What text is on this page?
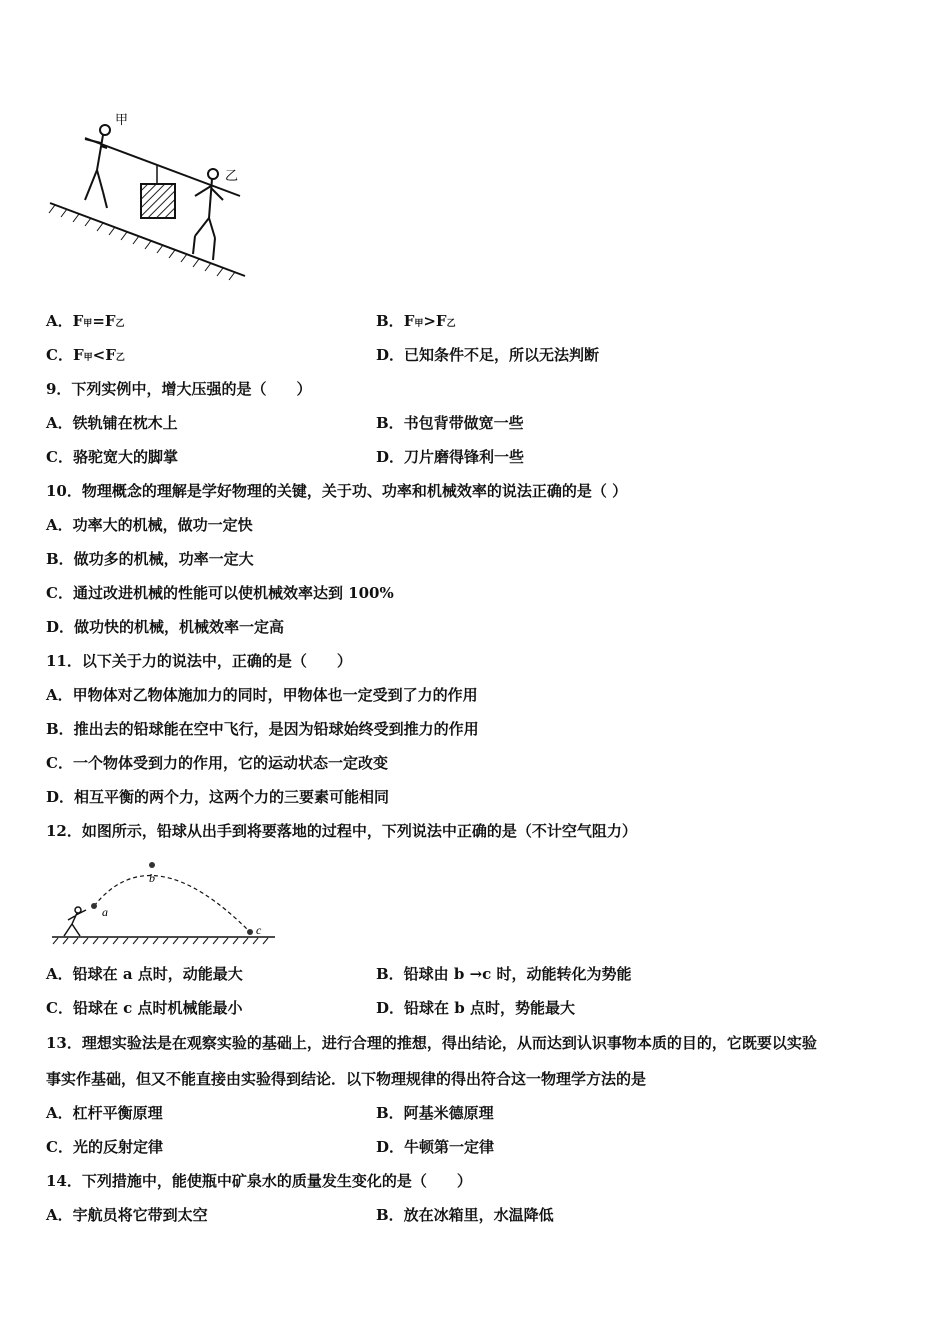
甲
乙
A．F甲=F乙	B．F甲>F乙
C．F甲<F乙	D．已知条件不足，所以无法判断
9．下列实例中，增大压强的是（　　）
A．铁轨铺在枕木上	B．书包背带做宽一些
C．骆驼宽大的脚掌	D．刀片磨得锋利一些
10．物理概念的理解是学好物理的关键，关于功、功率和机械效率的说法正确的是（ ）
A．功率大的机械，做功一定快
B．做功多的机械，功率一定大
C．通过改进机械的性能可以使机械效率达到 100%
D．做功快的机械，机械效率一定高
11．以下关于力的说法中，正确的是（　　）
A．甲物体对乙物体施加力的同时，甲物体也一定受到了力的作用
B．推出去的铅球能在空中飞行，是因为铅球始终受到推力的作用
C．一个物体受到力的作用，它的运动状态一定改变
D．相互平衡的两个力，这两个力的三要素可能相同
12．如图所示，铅球从出手到将要落地的过程中，下列说法中正确的是（不计空气阻力）
a
b
c
A．铅球在 a 点时，动能最大	B．铅球由 b →c 时，动能转化为势能
C．铅球在 c 点时机械能最小	D．铅球在 b 点时，势能最大
13．理想实验法是在观察实验的基础上，进行合理的推想，得出结论，从而达到认识事物本质的目的，它既要以实验
事实作基础，但又不能直接由实验得到结论．以下物理规律的得出符合这一物理学方法的是
A．杠杆平衡原理	B．阿基米德原理
C．光的反射定律	D．牛顿第一定律
14．下列措施中，能使瓶中矿泉水的质量发生变化的是（　　）
A．宇航员将它带到太空	B．放在冰箱里，水温降低
